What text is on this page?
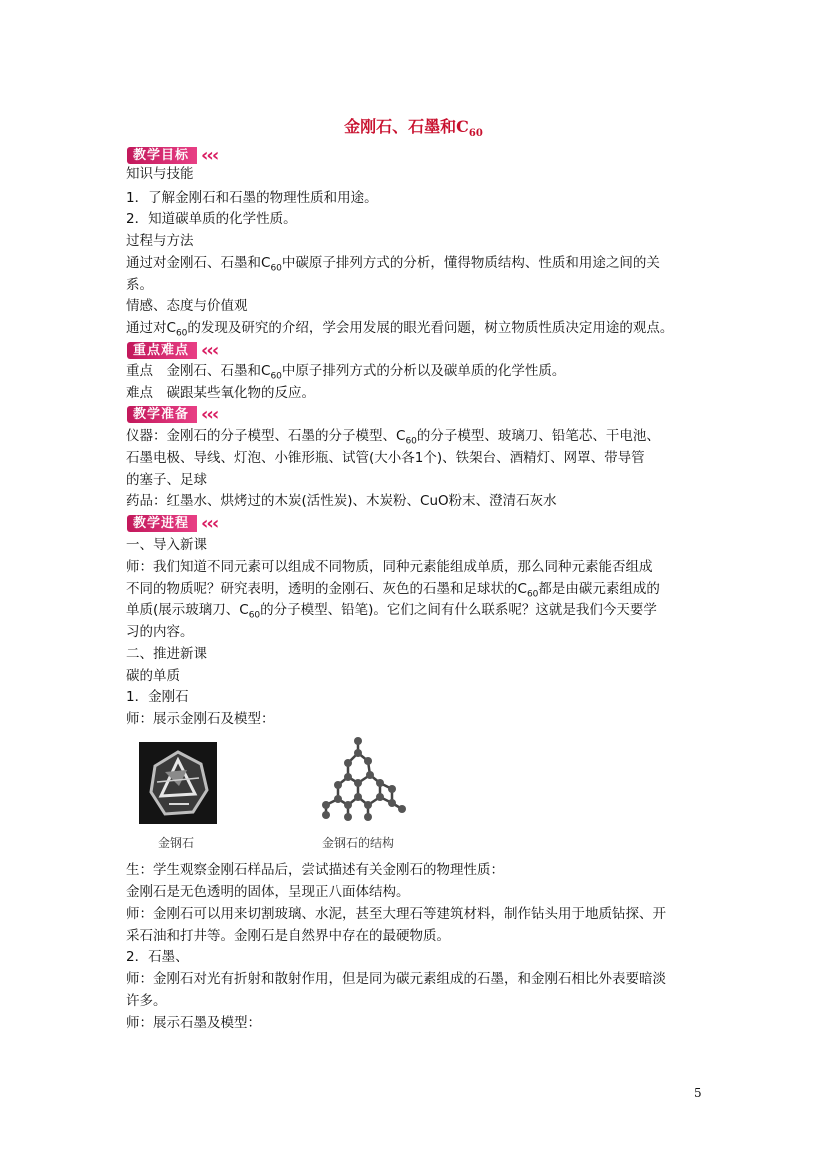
金刚石、石墨和$C_{60}$
教学目标 ‹‹‹
知识与技能
1．了解金刚石和石墨的物理性质和用途。
2．知道碳单质的化学性质。
过程与方法
通过对金刚石、石墨和$C_{60}$中碳原子排列方式的分析，懂得物质结构、性质和用途之间的关
系。
情感、态度与价值观
通过对$C_{60}$的发现及研究的介绍，学会用发展的眼光看问题，树立物质性质决定用途的观点。
重点难点 ‹‹‹
重点　金刚石、石墨和$C_{60}$中原子排列方式的分析以及碳单质的化学性质。
难点　碳跟某些氧化物的反应。
教学准备 ‹‹‹
仪器：金刚石的分子模型、石墨的分子模型、$C_{60}$的分子模型、玻璃刀、铅笔芯、干电池、
石墨电极、导线、灯泡、小锥形瓶、试管(大小各1个)、铁架台、酒精灯、网罩、带导管
的塞子、足球
药品：红墨水、烘烤过的木炭(活性炭)、木炭粉、CuO粉末、澄清石灰水
教学进程 ‹‹‹
一、导入新课
师：我们知道不同元素可以组成不同物质，同种元素能组成单质，那么同种元素能否组成
不同的物质呢？研究表明，透明的金刚石、灰色的石墨和足球状的$C_{60}$都是由碳元素组成的
单质(展示玻璃刀、$C_{60}$的分子模型、铅笔)。它们之间有什么联系呢？这就是我们今天要学
习的内容。
二、推进新课
碳的单质
1．金刚石
师：展示金刚石及模型：
金钢石	金钢石的结构
生：学生观察金刚石样品后，尝试描述有关金刚石的物理性质：
金刚石是无色透明的固体，呈现正八面体结构。
师：金刚石可以用来切割玻璃、水泥，甚至大理石等建筑材料，制作钻头用于地质钻探、开
采石油和打井等。金刚石是自然界中存在的最硬物质。
2．石墨、
师：金刚石对光有折射和散射作用，但是同为碳元素组成的石墨，和金刚石相比外表要暗淡
许多。
师：展示石墨及模型：
5
